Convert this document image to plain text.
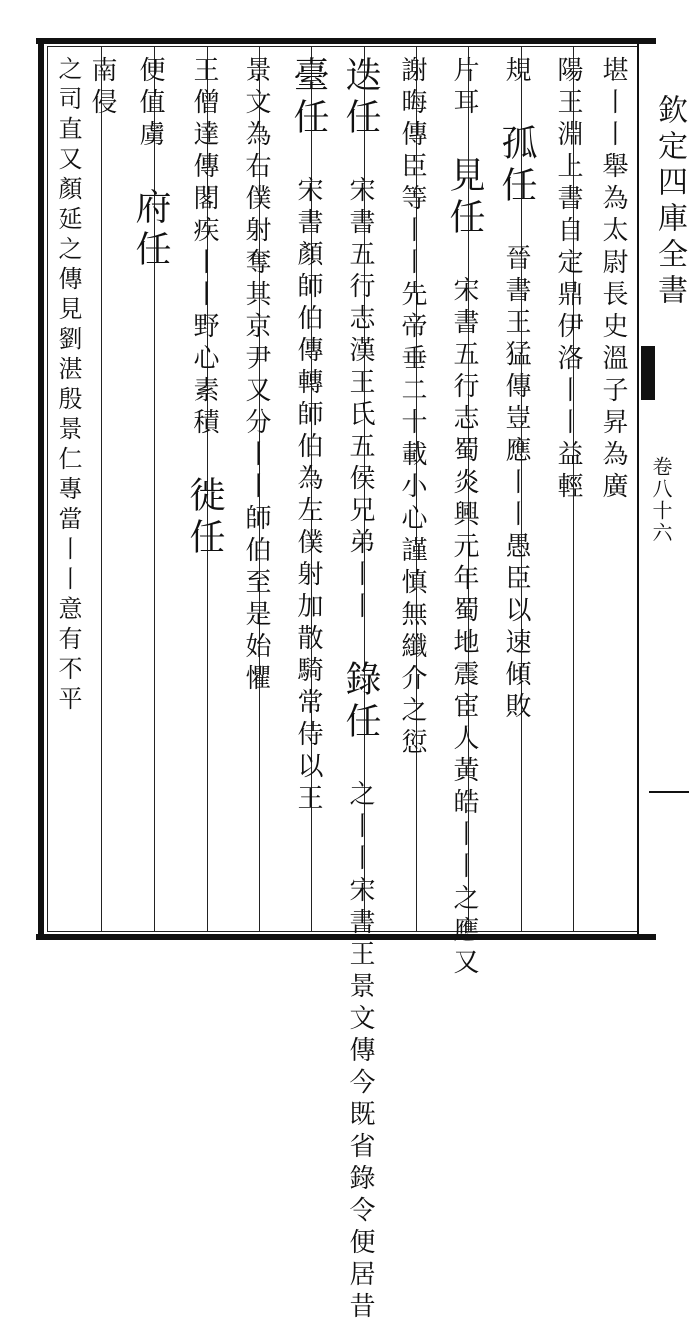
堪丨丨舉為太尉長史溫子昇為廣
陽王淵上書自定鼎伊洛丨丨益輕
規 孤任 晉書王猛傳豈應丨丨愚臣以速傾敗
片耳 見任 宋書五行志蜀炎興元年蜀地震宦人黃皓丨丨之應又
謝晦傳臣等丨丨先帝垂二十載小心謹慎無纖介之愆
迭任 宋書五行志漢王氏五侯兄弟丨丨 錄任 之丨丨宋書王景文傳今既省錄令便居昔
臺任 宋書顏師伯傳轉師伯為左僕射加散騎常侍以王
景文為右僕射奪其京尹又分丨丨師伯至是始懼
王僧達傳閣疾丨丨野心素積 徙任
便值虜 府任
南侵
之司直又顏延之傳見劉湛殷景仁專當丨丨意有不平	欽定四庫全書
卷八十六
